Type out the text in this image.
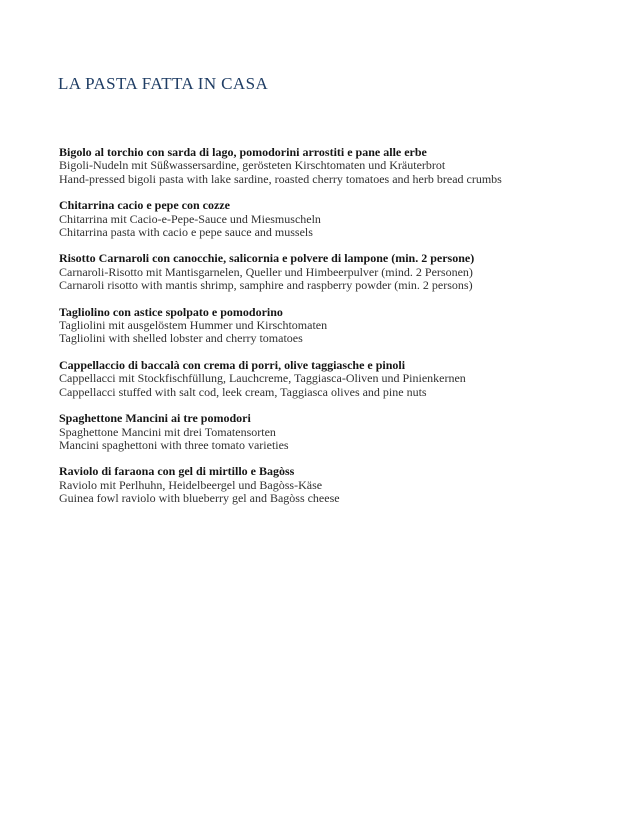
LA PASTA FATTA IN CASA

Bigolo al torchio con sarda di lago, pomodorini arrostiti e pane alle erbe

Bigoli-Nudeln mit Süßwassersardine, gerösteten Kirschtomaten und Kräuterbrot

Hand-pressed bigoli pasta with lake sardine, roasted cherry tomatoes and herb bread crumbs

Chitarrina cacio e pepe con cozze

Chitarrina mit Cacio-e-Pepe-Sauce und Miesmuscheln

Chitarrina pasta with cacio e pepe sauce and mussels

Risotto Carnaroli con canocchie, salicornia e polvere di lampone (min. 2 persone)

Carnaroli-Risotto mit Mantisgarnelen, Queller und Himbeerpulver (mind. 2 Personen)

Carnaroli risotto with mantis shrimp, samphire and raspberry powder (min. 2 persons)

Tagliolino con astice spolpato e pomodorino

Tagliolini mit ausgelöstem Hummer und Kirschtomaten

Tagliolini with shelled lobster and cherry tomatoes

Cappellaccio di baccalà con crema di porri, olive taggiasche e pinoli

Cappellacci mit Stockfischfüllung, Lauchcreme, Taggiasca-Oliven und Pinienkernen

Cappellacci stuffed with salt cod, leek cream, Taggiasca olives and pine nuts

Spaghettone Mancini ai tre pomodori

Spaghettone Mancini mit drei Tomatensorten

Mancini spaghettoni with three tomato varieties

Raviolo di faraona con gel di mirtillo e Bagòss

Raviolo mit Perlhuhn, Heidelbeergel und Bagòss-Käse

Guinea fowl raviolo with blueberry gel and Bagòss cheese
